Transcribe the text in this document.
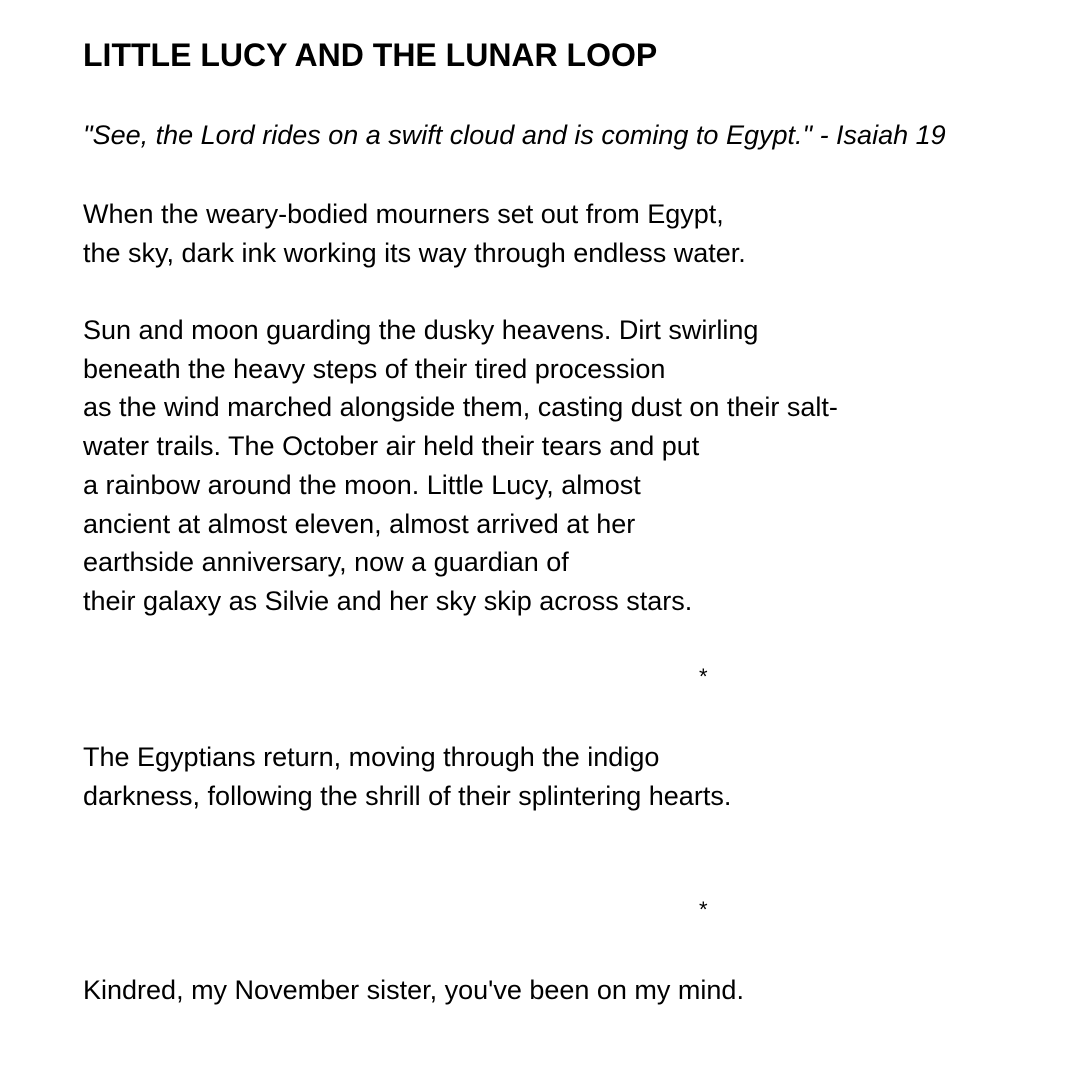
LITTLE LUCY AND THE LUNAR LOOP

"See, the Lord rides on a swift cloud and is coming to Egypt." - Isaiah 19

When the weary-bodied mourners set out from Egypt,
the sky, dark ink working its way through endless water.
Sun and moon guarding the dusky heavens. Dirt swirling
beneath the heavy steps of their tired procession
as the wind marched alongside them, casting dust on their salt-
water trails. The October air held their tears and put
a rainbow around the moon. Little Lucy, almost
ancient at almost eleven, almost arrived at her
earthside anniversary, now a guardian of
their galaxy as Silvie and her sky skip across stars.

*

The Egyptians return, moving through the indigo
darkness, following the shrill of their splintering hearts.

*

Kindred, my November sister, you've been on my mind.
